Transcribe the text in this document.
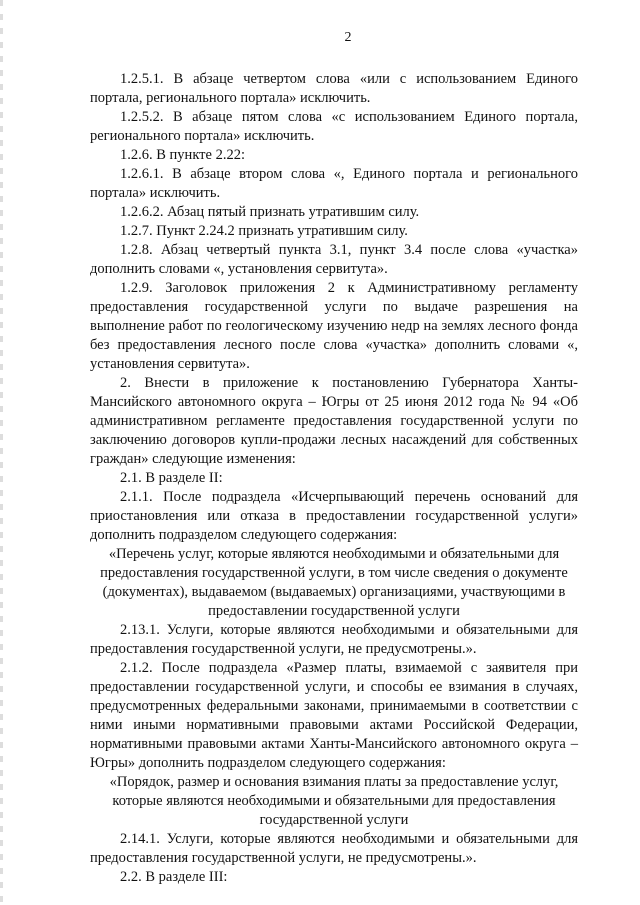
2

1.2.5.1. В абзаце четвертом слова «или с использованием Единого портала, регионального портала» исключить.

1.2.5.2. В абзаце пятом слова «с использованием Единого портала, регионального портала» исключить.

1.2.6. В пункте 2.22:

1.2.6.1. В абзаце втором слова «, Единого портала и регионального портала» исключить.

1.2.6.2. Абзац пятый признать утратившим силу.

1.2.7. Пункт 2.24.2 признать утратившим силу.

1.2.8. Абзац четвертый пункта 3.1, пункт 3.4 после слова «участка» дополнить словами «, установления сервитута».

1.2.9. Заголовок приложения 2 к Административному регламенту предоставления государственной услуги по выдаче разрешения на выполнение работ по геологическому изучению недр на землях лесного фонда без предоставления лесного после слова «участка» дополнить словами «, установления сервитута».

2. Внести в приложение к постановлению Губернатора Ханты-Мансийского автономного округа – Югры от 25 июня 2012 года № 94 «Об административном регламенте предоставления государственной услуги по заключению договоров купли-продажи лесных насаждений для собственных граждан» следующие изменения:

2.1. В разделе II:

2.1.1. После подраздела «Исчерпывающий перечень оснований для приостановления или отказа в предоставлении государственной услуги» дополнить подразделом следующего содержания:

«Перечень услуг, которые являются необходимыми и обязательными для предоставления государственной услуги, в том числе сведения о документе (документах), выдаваемом (выдаваемых) организациями, участвующими в предоставлении государственной услуги

2.13.1. Услуги, которые являются необходимыми и обязательными для предоставления государственной услуги, не предусмотрены.».

2.1.2. После подраздела «Размер платы, взимаемой с заявителя при предоставлении государственной услуги, и способы ее взимания в случаях, предусмотренных федеральными законами, принимаемыми в соответствии с ними иными нормативными правовыми актами Российской Федерации, нормативными правовыми актами Ханты-Мансийского автономного округа – Югры» дополнить подразделом следующего содержания:

«Порядок, размер и основания взимания платы за предоставление услуг, которые являются необходимыми и обязательными для предоставления государственной услуги

2.14.1. Услуги, которые являются необходимыми и обязательными для предоставления государственной услуги, не предусмотрены.».

2.2. В разделе III:
